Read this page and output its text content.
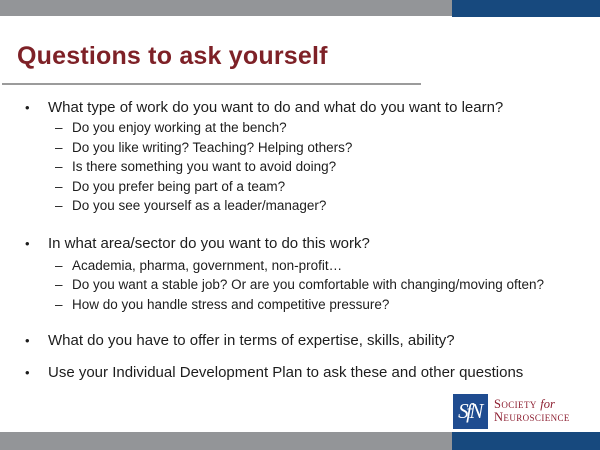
Questions to ask yourself
• What type of work do you want to do and what do you want to learn?
– Do you enjoy working at the bench?
– Do you like writing? Teaching? Helping others?
– Is there something you want to avoid doing?
– Do you prefer being part of a team?
– Do you see yourself as a leader/manager?
• In what area/sector do you want to do this work?
– Academia, pharma, government, non-profit…
– Do you want a stable job? Or are you comfortable with changing/moving often?
– How do you handle stress and competitive pressure?
• What do you have to offer in terms of expertise, skills, ability?
• Use your Individual Development Plan to ask these and other questions
SfN Society for
Neuroscience
